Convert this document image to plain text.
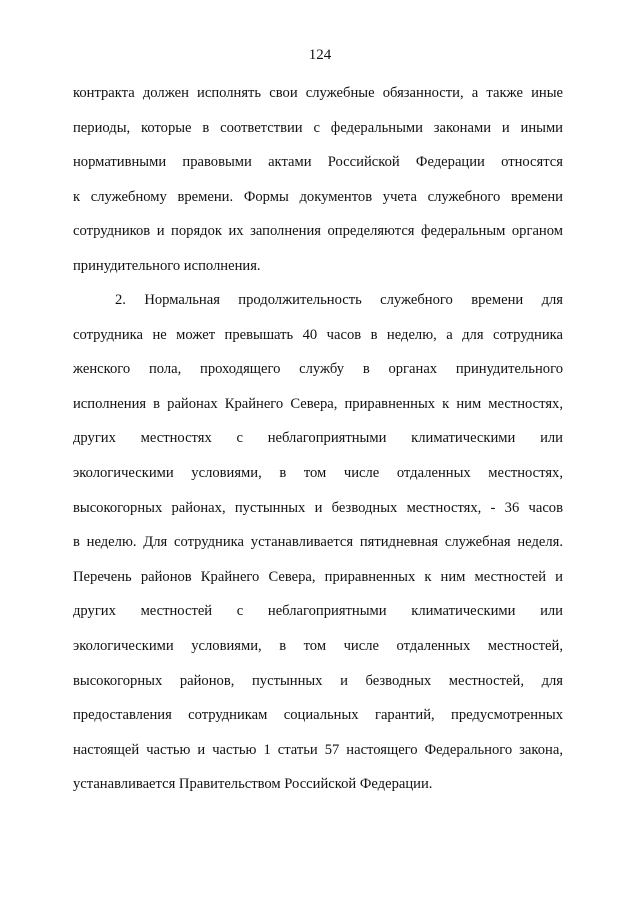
124
контракта должен исполнять свои служебные обязанности, а также иные
периоды, которые в соответствии с федеральными законами и иными
нормативными правовыми актами Российской Федерации относятся
к служебному времени. Формы документов учета служебного времени
сотрудников и порядок их заполнения определяются федеральным органом
принудительного исполнения.
2. Нормальная продолжительность служебного времени для
сотрудника не может превышать 40 часов в неделю, а для сотрудника
женского пола, проходящего службу в органах принудительного
исполнения в районах Крайнего Севера, приравненных к ним местностях,
других местностях с неблагоприятными климатическими или
экологическими условиями, в том числе отдаленных местностях,
высокогорных районах, пустынных и безводных местностях, - 36 часов
в неделю. Для сотрудника устанавливается пятидневная служебная неделя.
Перечень районов Крайнего Севера, приравненных к ним местностей и
других местностей с неблагоприятными климатическими или
экологическими условиями, в том числе отдаленных местностей,
высокогорных районов, пустынных и безводных местностей, для
предоставления сотрудникам социальных гарантий, предусмотренных
настоящей частью и частью 1 статьи 57 настоящего Федерального закона,
устанавливается Правительством Российской Федерации.
